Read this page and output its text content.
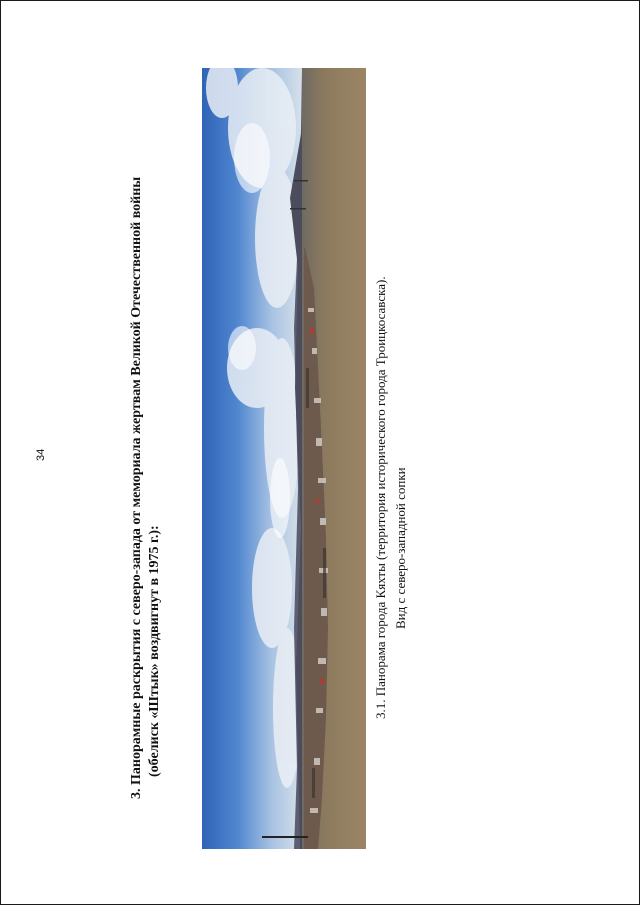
34	3. Панорамные раскрытия с северо-запада от мемориала жертвам Великой Отечественной войны (обелиск «Штык» воздвигнут в 1975 г.):	3.1. Панорама города Кяхты (территория исторического города Троицкосавска). Вид с северо-западной сопки
